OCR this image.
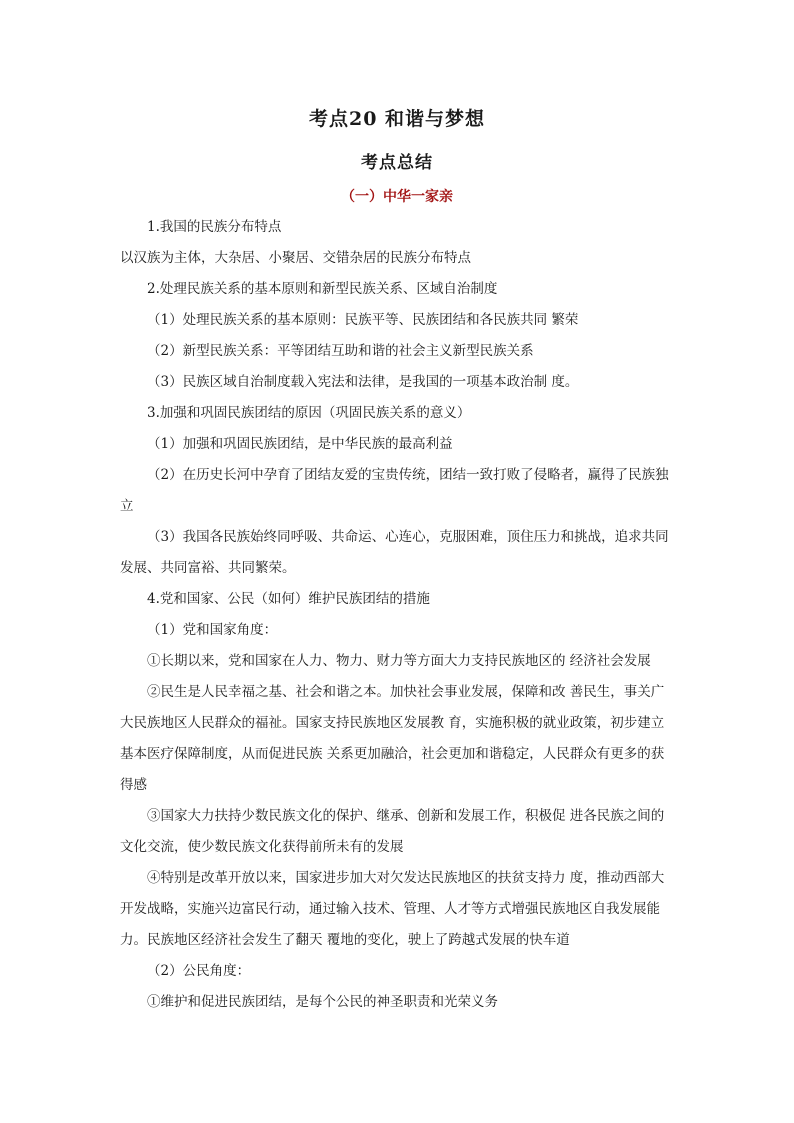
考点20 和谐与梦想
考点总结
（一）中华一家亲

1.我国的民族分布特点

以汉族为主体，大杂居、小聚居、交错杂居的民族分布特点

2.处理民族关系的基本原则和新型民族关系、区域自治制度

（1）处理民族关系的基本原则：民族平等、民族团结和各民族共同 繁荣

（2）新型民族关系：平等团结互助和谐的社会主义新型民族关系

（3）民族区域自治制度载入宪法和法律，是我国的一项基本政治制 度。

3.加强和巩固民族团结的原因（巩固民族关系的意义）

（1）加强和巩固民族团结，是中华民族的最高利益

（2）在历史长河中孕育了团结友爱的宝贵传统，团结一致打败了侵略者，赢得了民族独立

（3）我国各民族始终同呼吸、共命运、心连心，克服困难，顶住压力和挑战，追求共同发展、共同富裕、共同繁荣。

4.党和国家、公民（如何）维护民族团结的措施

（1）党和国家角度：

①长期以来，党和国家在人力、物力、财力等方面大力支持民族地区的 经济社会发展

②民生是人民幸福之基、社会和谐之本。加快社会事业发展，保障和改 善民生，事关广大民族地区人民群众的福祉。国家支持民族地区发展教 育，实施积极的就业政策，初步建立基本医疗保障制度，从而促进民族 关系更加融洽，社会更加和谐稳定，人民群众有更多的获得感

③国家大力扶持少数民族文化的保护、继承、创新和发展工作，积极促 进各民族之间的文化交流，使少数民族文化获得前所未有的发展

④特别是改革开放以来，国家进步加大对欠发达民族地区的扶贫支持力 度，推动西部大开发战略，实施兴边富民行动，通过输入技术、管理、人才等方式增强民族地区自我发展能力。民族地区经济社会发生了翻天 覆地的变化，驶上了跨越式发展的快车道

（2）公民角度：

①维护和促进民族团结，是每个公民的神圣职责和光荣义务
